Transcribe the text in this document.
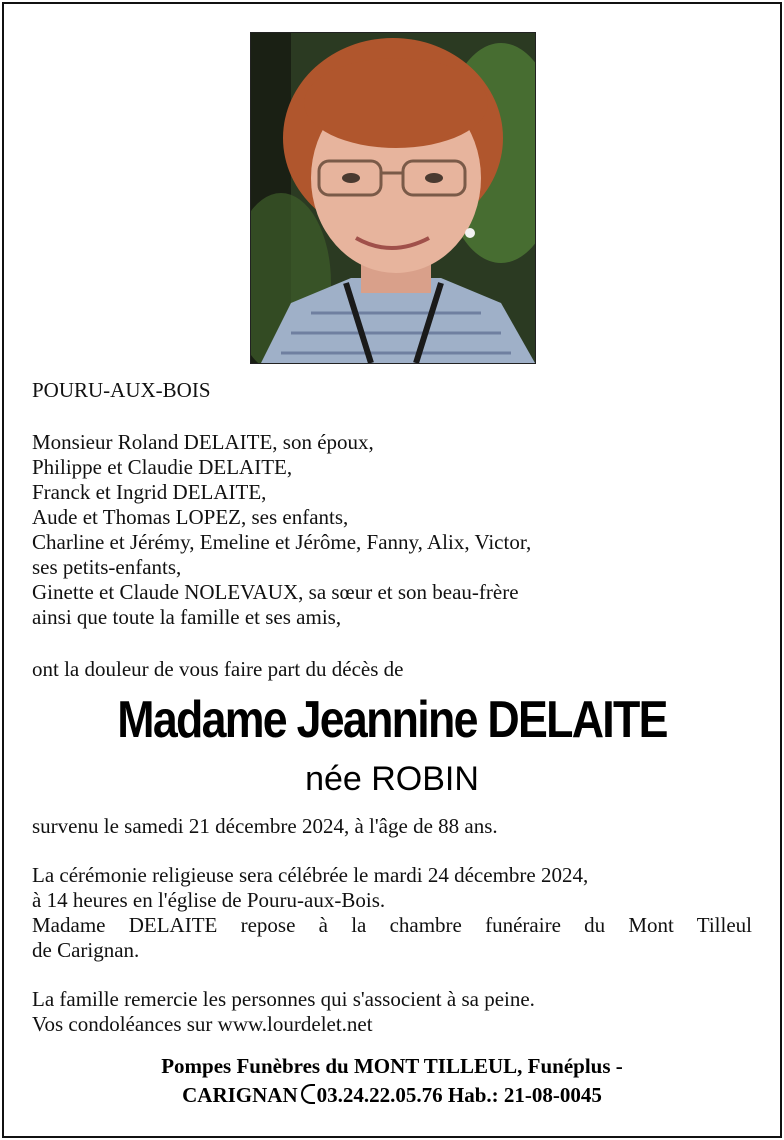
POURU-AUX-BOIS
Monsieur Roland DELAITE, son époux,
Philippe et Claudie DELAITE,
Franck et Ingrid DELAITE,
Aude et Thomas LOPEZ, ses enfants,
Charline et Jérémy, Emeline et Jérôme, Fanny, Alix, Victor,
ses petits-enfants,
Ginette et Claude NOLEVAUX, sa sœur et son beau-frère
ainsi que toute la famille et ses amis,
ont la douleur de vous faire part du décès de
Madame Jeannine DELAITE
née ROBIN
survenu le samedi 21 décembre 2024, à l'âge de 88 ans.
La cérémonie religieuse sera célébrée le mardi 24 décembre 2024,
à 14 heures en l'église de Pouru-aux-Bois.
Madame DELAITE repose à la chambre funéraire du Mont Tilleul
de Carignan.
La famille remercie les personnes qui s'associent à sa peine.
Vos condoléances sur www.lourdelet.net
Pompes Funèbres du MONT TILLEUL, Funéplus -
CARIGNAN 03.24.22.05.76 Hab.: 21-08-0045
